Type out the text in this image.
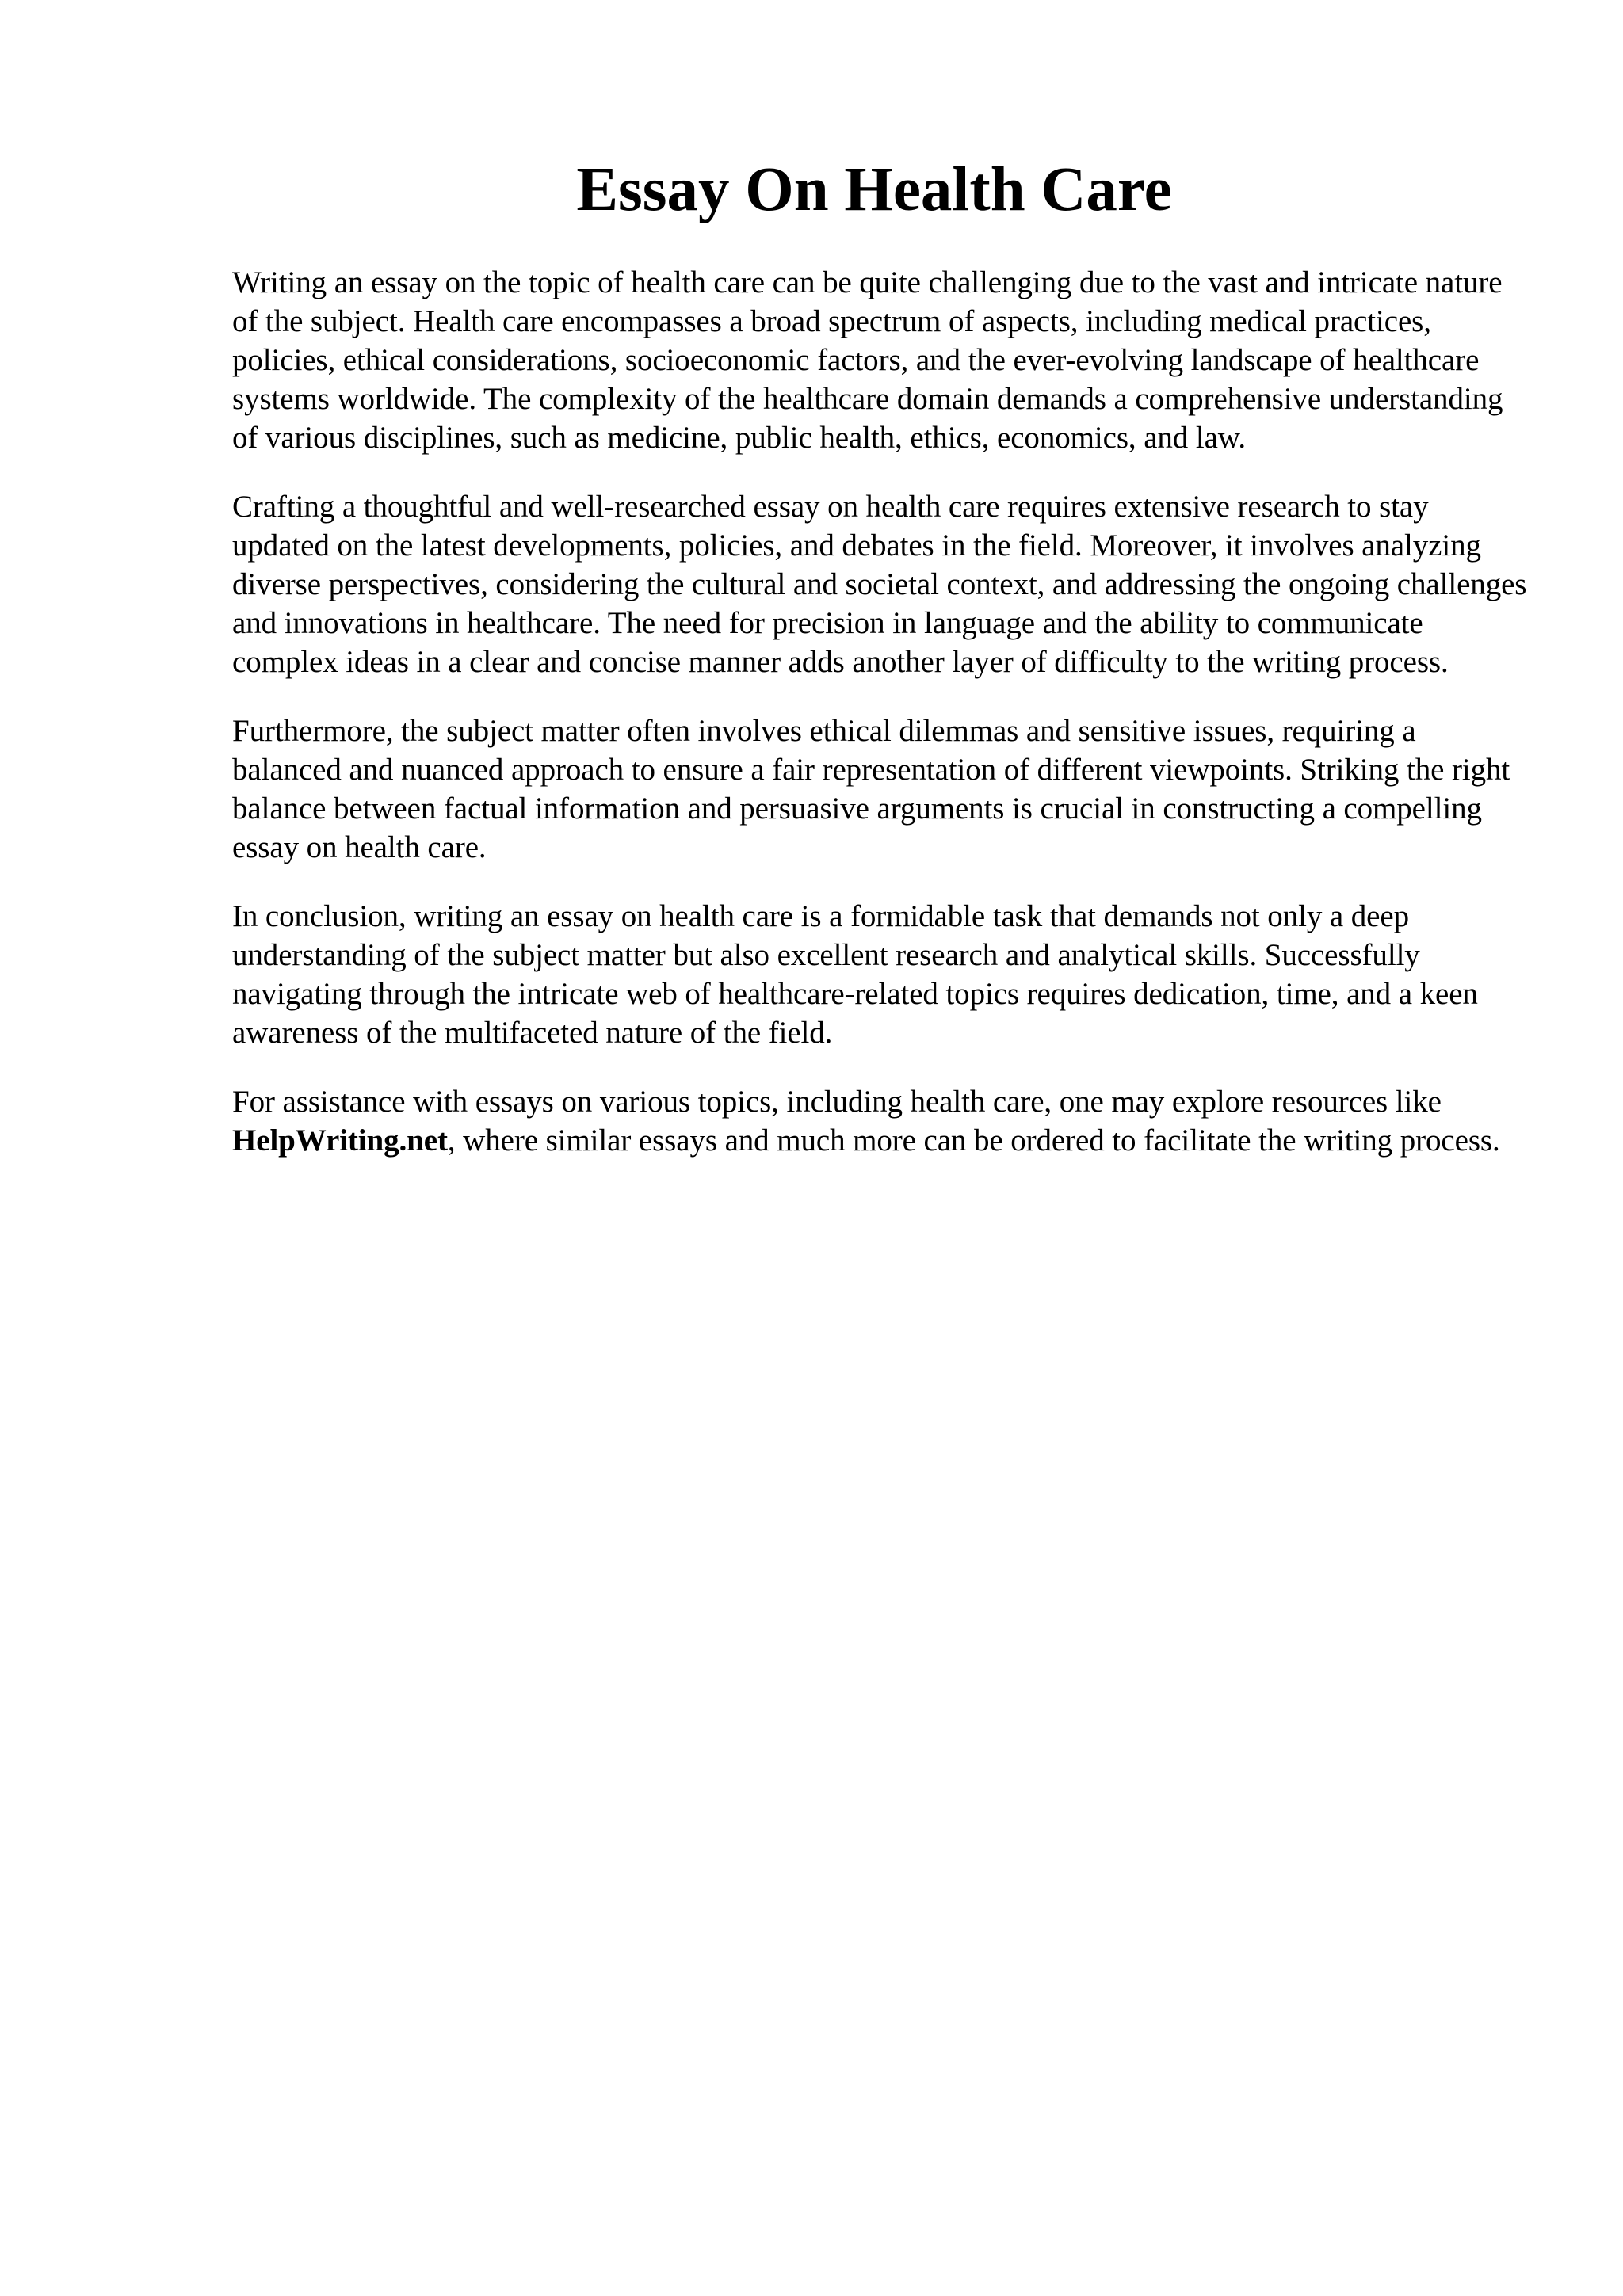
Essay On Health Care

Writing an essay on the topic of health care can be quite challenging due to the vast and intricate nature of the subject. Health care encompasses a broad spectrum of aspects, including medical practices, policies, ethical considerations, socioeconomic factors, and the ever-evolving landscape of healthcare systems worldwide. The complexity of the healthcare domain demands a comprehensive understanding of various disciplines, such as medicine, public health, ethics, economics, and law.

Crafting a thoughtful and well-researched essay on health care requires extensive research to stay updated on the latest developments, policies, and debates in the field. Moreover, it involves analyzing diverse perspectives, considering the cultural and societal context, and addressing the ongoing challenges and innovations in healthcare. The need for precision in language and the ability to communicate complex ideas in a clear and concise manner adds another layer of difficulty to the writing process.

Furthermore, the subject matter often involves ethical dilemmas and sensitive issues, requiring a balanced and nuanced approach to ensure a fair representation of different viewpoints. Striking the right balance between factual information and persuasive arguments is crucial in constructing a compelling essay on health care.

In conclusion, writing an essay on health care is a formidable task that demands not only a deep understanding of the subject matter but also excellent research and analytical skills. Successfully navigating through the intricate web of healthcare-related topics requires dedication, time, and a keen awareness of the multifaceted nature of the field.

For assistance with essays on various topics, including health care, one may explore resources like HelpWriting.net, where similar essays and much more can be ordered to facilitate the writing process.
